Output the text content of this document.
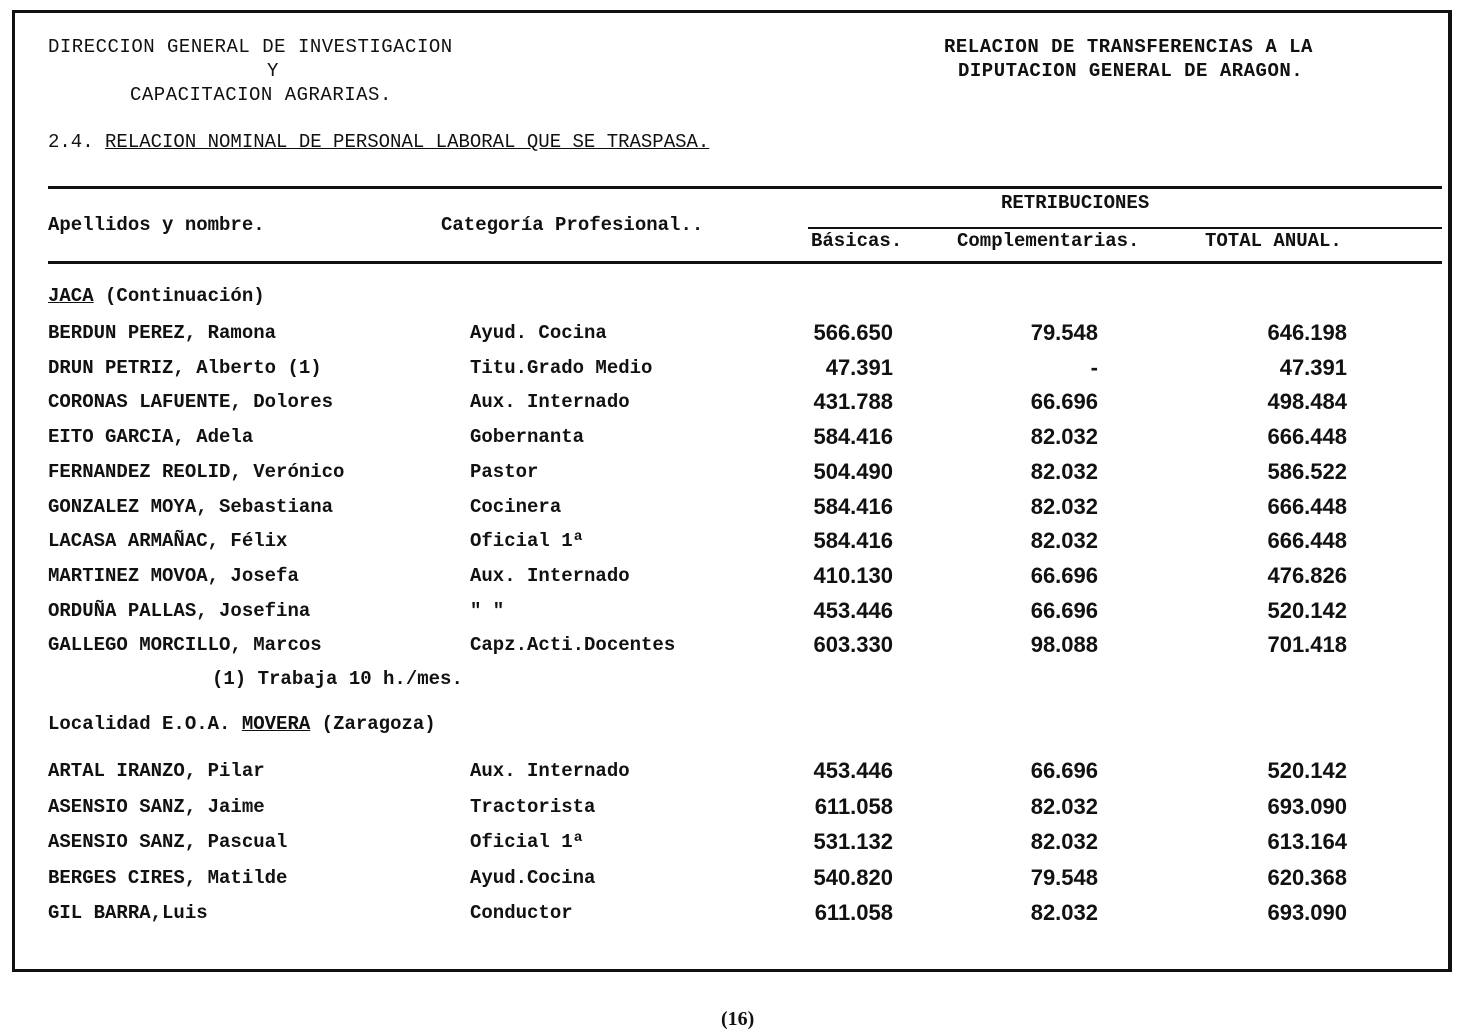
DIRECCION GENERAL DE INVESTIGACION
Y
CAPACITACION AGRARIAS.
RELACION DE TRANSFERENCIAS A LA
DIPUTACION GENERAL DE ARAGON.
2.4. RELACION NOMINAL DE PERSONAL LABORAL QUE SE TRASPASA.
Apellidos y nombre.	Categoría Profesional..
RETRIBUCIONES
Básicas.	Complementarias.	TOTAL ANUAL.
JACA (Continuación)
BERDUN PEREZ, Ramona	Ayud. Cocina	566.650	79.548	646.198
DRUN PETRIZ, Alberto (1)	Titu.Grado Medio	47.391	-	47.391
CORONAS LAFUENTE, Dolores	Aux. Internado	431.788	66.696	498.484
EITO GARCIA, Adela	Gobernanta	584.416	82.032	666.448
FERNANDEZ REOLID, Verónico	Pastor	504.490	82.032	586.522
GONZALEZ MOYA, Sebastiana	Cocinera	584.416	82.032	666.448
LACASA ARMAÑAC, Félix	Oficial 1ª	584.416	82.032	666.448
MARTINEZ MOVOA, Josefa	Aux. Internado	410.130	66.696	476.826
ORDUÑA PALLAS, Josefina	" "	453.446	66.696	520.142
GALLEGO MORCILLO, Marcos	Capz.Acti.Docentes	603.330	98.088	701.418
(1) Trabaja 10 h./mes.
Localidad E.O.A. MOVERA (Zaragoza)
ARTAL IRANZO, Pilar	Aux. Internado	453.446	66.696	520.142
ASENSIO SANZ, Jaime	Tractorista	611.058	82.032	693.090
ASENSIO SANZ, Pascual	Oficial 1ª	531.132	82.032	613.164
BERGES CIRES, Matilde	Ayud.Cocina	540.820	79.548	620.368
GIL BARRA,Luis	Conductor	611.058	82.032	693.090
(16)
